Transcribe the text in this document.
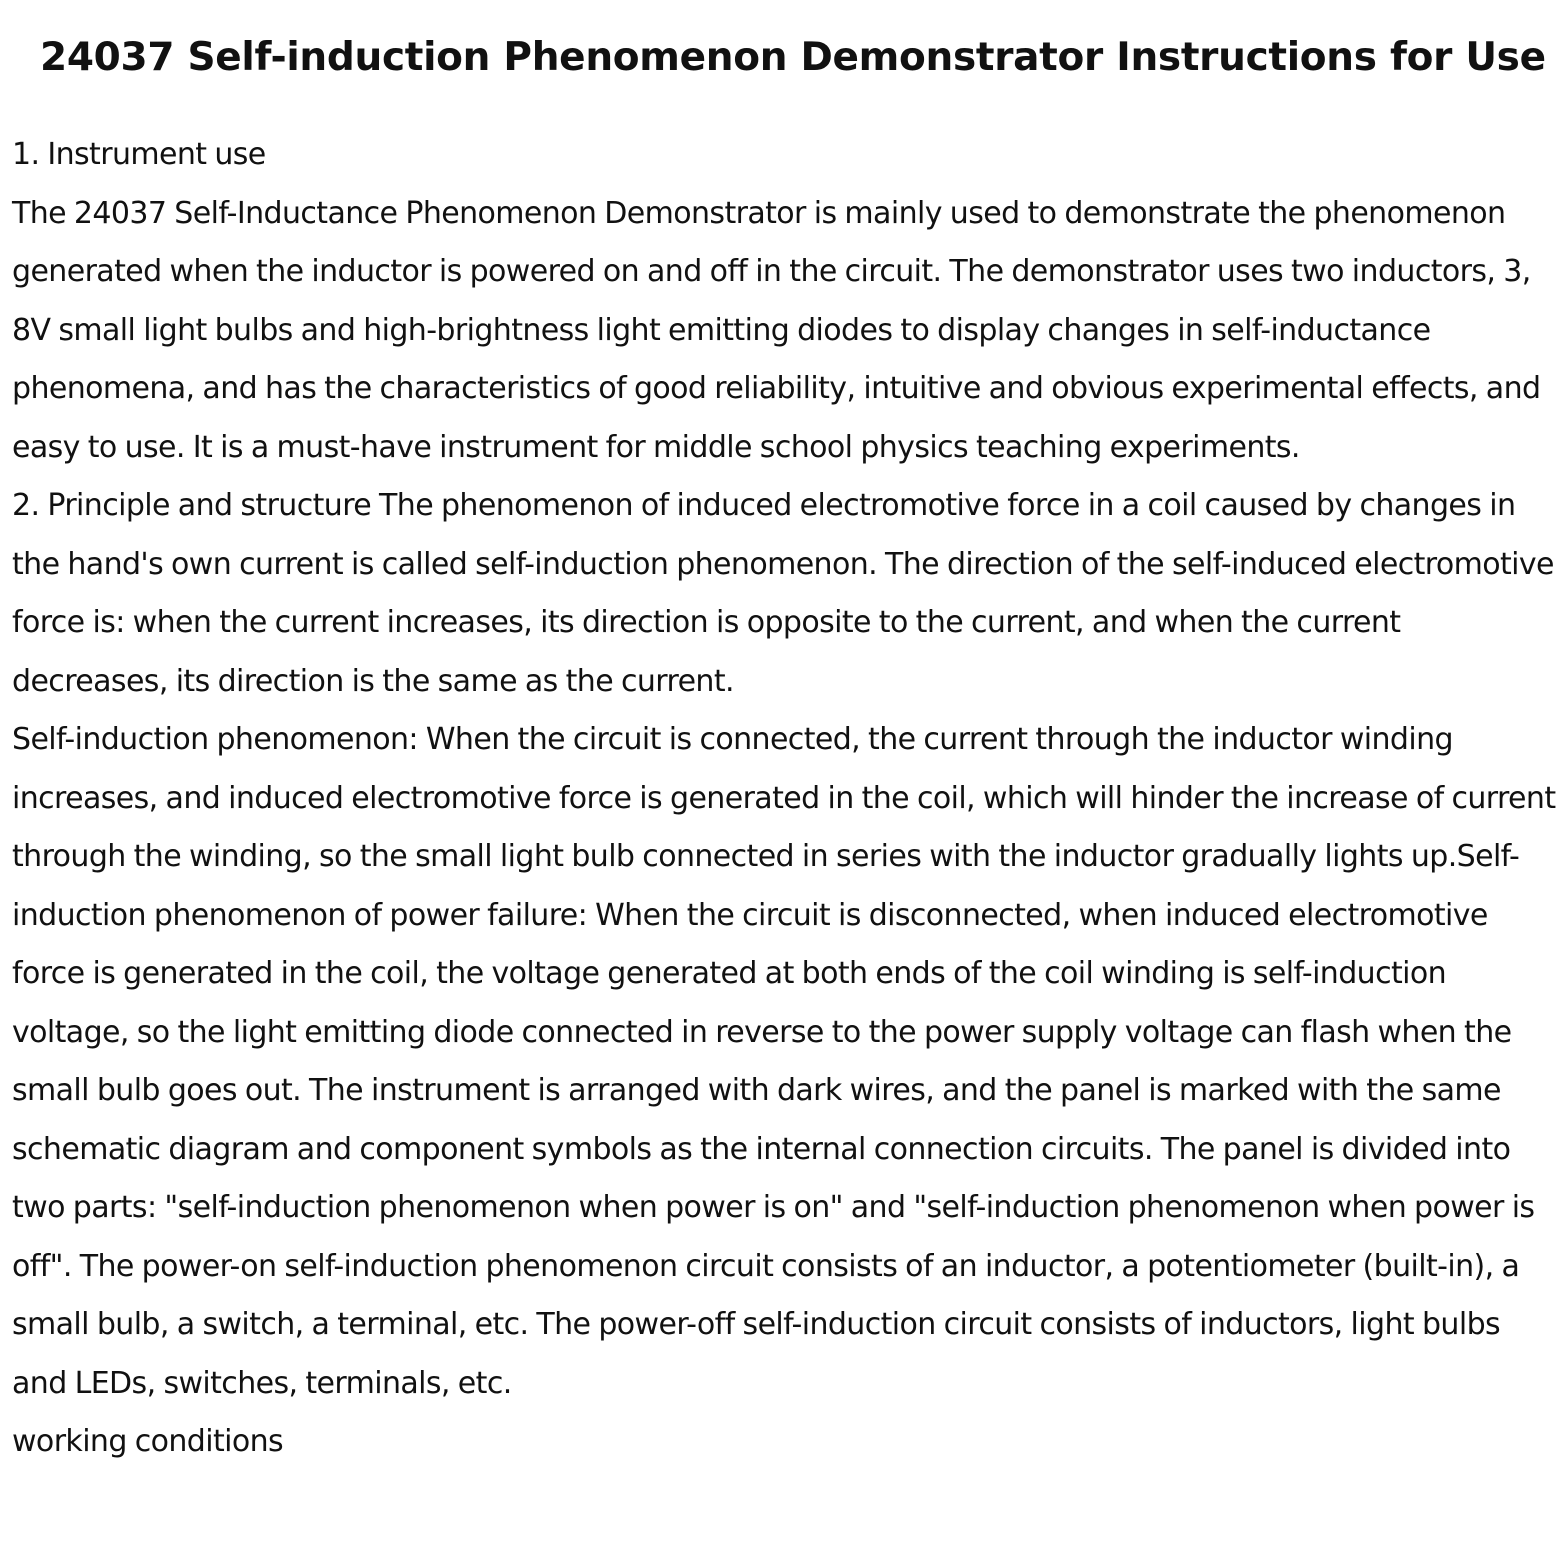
24037 Self-induction Phenomenon Demonstrator Instructions for Use

1. Instrument use

The 24037 Self-Inductance Phenomenon Demonstrator is mainly used to demonstrate the phenomenon generated when the inductor is powered on and off in the circuit. The demonstrator uses two inductors, 3, 8V small light bulbs and high-brightness light emitting diodes to display changes in self-inductance phenomena, and has the characteristics of good reliability, intuitive and obvious experimental effects, and easy to use. It is a must-have instrument for middle school physics teaching experiments.

2. Principle and structure The phenomenon of induced electromotive force in a coil caused by changes in the hand's own current is called self-induction phenomenon. The direction of the self-induced electromotive force is: when the current increases, its direction is opposite to the current, and when the current decreases, its direction is the same as the current.

Self-induction phenomenon: When the circuit is connected, the current through the inductor winding increases, and induced electromotive force is generated in the coil, which will hinder the increase of current through the winding, so the small light bulb connected in series with the inductor gradually lights up.Self-induction phenomenon of power failure: When the circuit is disconnected, when induced electromotive force is generated in the coil, the voltage generated at both ends of the coil winding is self-induction voltage, so the light emitting diode connected in reverse to the power supply voltage can flash when the small bulb goes out. The instrument is arranged with dark wires, and the panel is marked with the same schematic diagram and component symbols as the internal connection circuits. The panel is divided into two parts: "self-induction phenomenon when power is on" and "self-induction phenomenon when power is off". The power-on self-induction phenomenon circuit consists of an inductor, a potentiometer (built-in), a small bulb, a switch, a terminal, etc. The power-off self-induction circuit consists of inductors, light bulbs and LEDs, switches, terminals, etc.

working conditions
